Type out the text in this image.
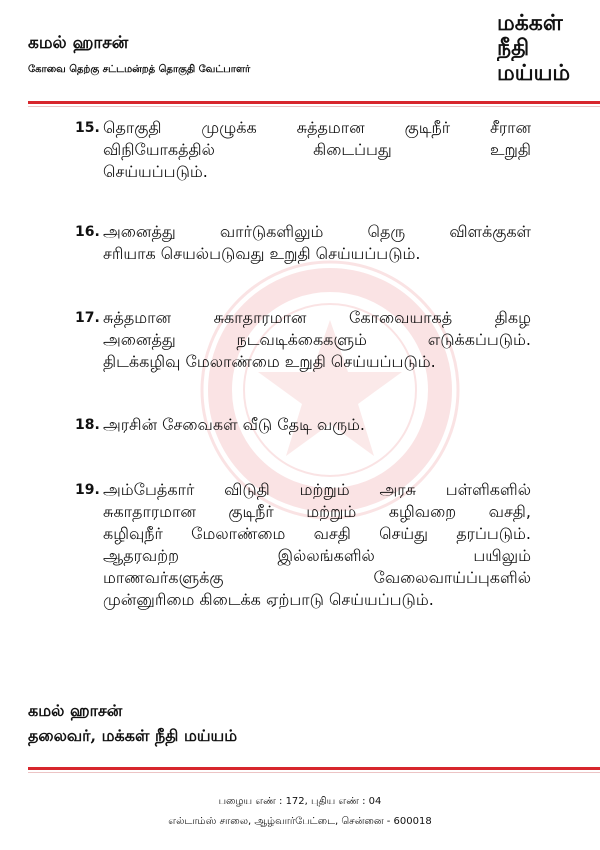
கமல் ஹாசன்
கோவை தெற்கு சட்டமன்றத் தொகுதி வேட்பாளர்
மக்கள்
நீதி
மய்யம்
15. தொகுதி முழுக்க சுத்தமான குடிநீர் சீரான
விநியோகத்தில் கிடைப்பது உறுதி
செய்யப்படும்.
16. அனைத்து வார்டுகளிலும் தெரு விளக்குகள்
சரியாக செயல்படுவது உறுதி செய்யப்படும்.
17. சுத்தமான சுகாதாரமான கோவையாகத் திகழ
அனைத்து நடவடிக்கைகளும் எடுக்கப்படும்.
திடக்கழிவு மேலாண்மை உறுதி செய்யப்படும்.
18. அரசின் சேவைகள் வீடு தேடி வரும்.
19. அம்பேத்கார் விடுதி மற்றும் அரசு பள்ளிகளில்
சுகாதாரமான குடிநீர் மற்றும் கழிவறை வசதி,
கழிவுநீர் மேலாண்மை வசதி செய்து தரப்படும்.
ஆதரவற்ற இல்லங்களில் பயிலும்
மாணவர்களுக்கு வேலைவாய்ப்புகளில்
முன்னுரிமை கிடைக்க ஏற்பாடு செய்யப்படும்.
கமல் ஹாசன்
தலைவர், மக்கள் நீதி மய்யம்
பழைய எண் : 172, புதிய எண் : 04
எல்டாம்ஸ் சாலை, ஆழ்வார்பேட்டை, சென்னை - 600018
